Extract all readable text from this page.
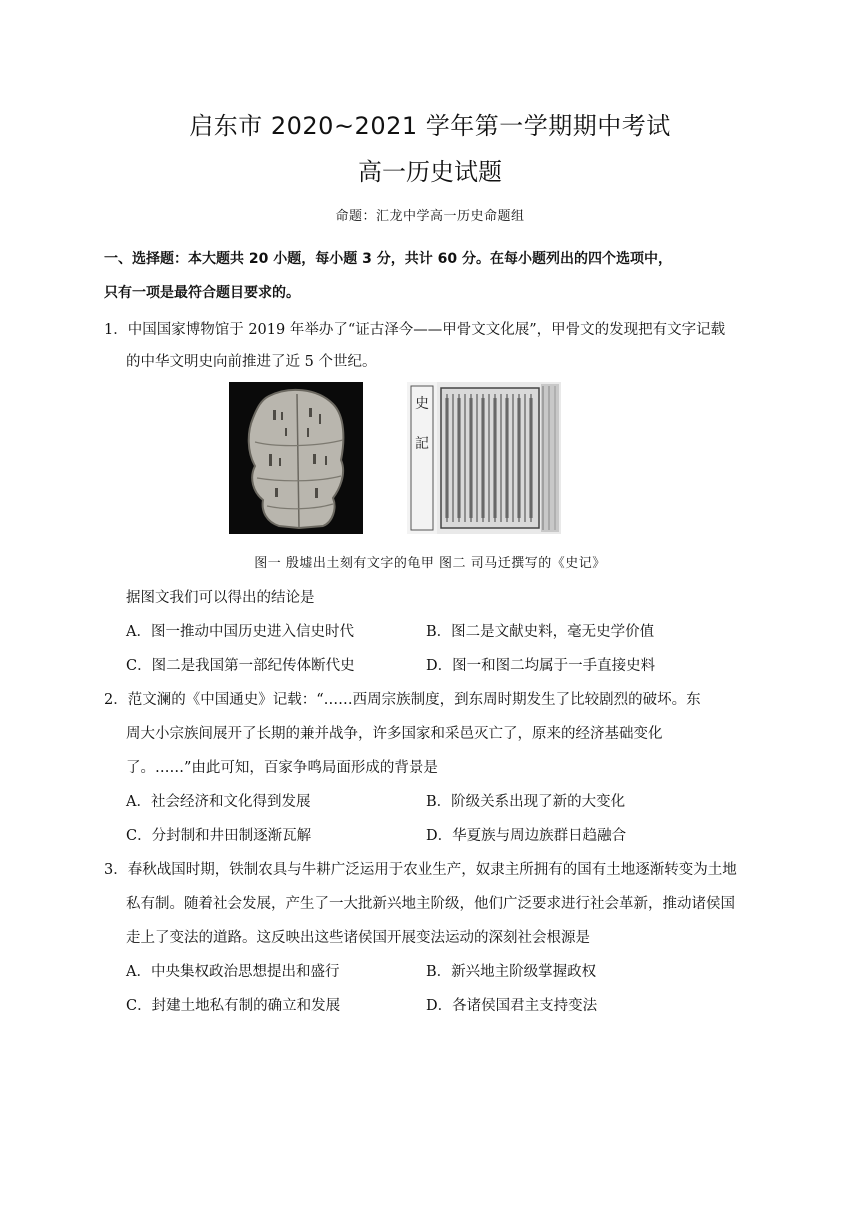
启东市 2020~2021 学年第一学期期中考试
高一历史试题
命题：汇龙中学高一历史命题组
一、选择题：本大题共 20 小题，每小题 3 分，共计 60 分。在每小题列出的四个选项中，
只有一项是最符合题目要求的。
1．中国国家博物馆于 2019 年举办了“证古泽今——甲骨文文化展”，甲骨文的发现把有文字记载
的中华文明史向前推进了近 5 个世纪。
史
記
图一 殷墟出土刻有文字的龟甲 图二 司马迁撰写的《史记》
据图文我们可以得出的结论是
A．图一推动中国历史进入信史时代	B．图二是文献史料，毫无史学价值
C．图二是我国第一部纪传体断代史	D．图一和图二均属于一手直接史料
2．范文澜的《中国通史》记载：“……西周宗族制度，到东周时期发生了比较剧烈的破坏。东
周大小宗族间展开了长期的兼并战争，许多国家和采邑灭亡了，原来的经济基础变化
了。……”由此可知，百家争鸣局面形成的背景是
A．社会经济和文化得到发展	B．阶级关系出现了新的大变化
C．分封制和井田制逐渐瓦解	D．华夏族与周边族群日趋融合
3．春秋战国时期，铁制农具与牛耕广泛运用于农业生产，奴隶主所拥有的国有土地逐渐转变为土地
私有制。随着社会发展，产生了一大批新兴地主阶级，他们广泛要求进行社会革新，推动诸侯国
走上了变法的道路。这反映出这些诸侯国开展变法运动的深刻社会根源是
A．中央集权政治思想提出和盛行	B．新兴地主阶级掌握政权
C．封建土地私有制的确立和发展	D．各诸侯国君主支持变法
